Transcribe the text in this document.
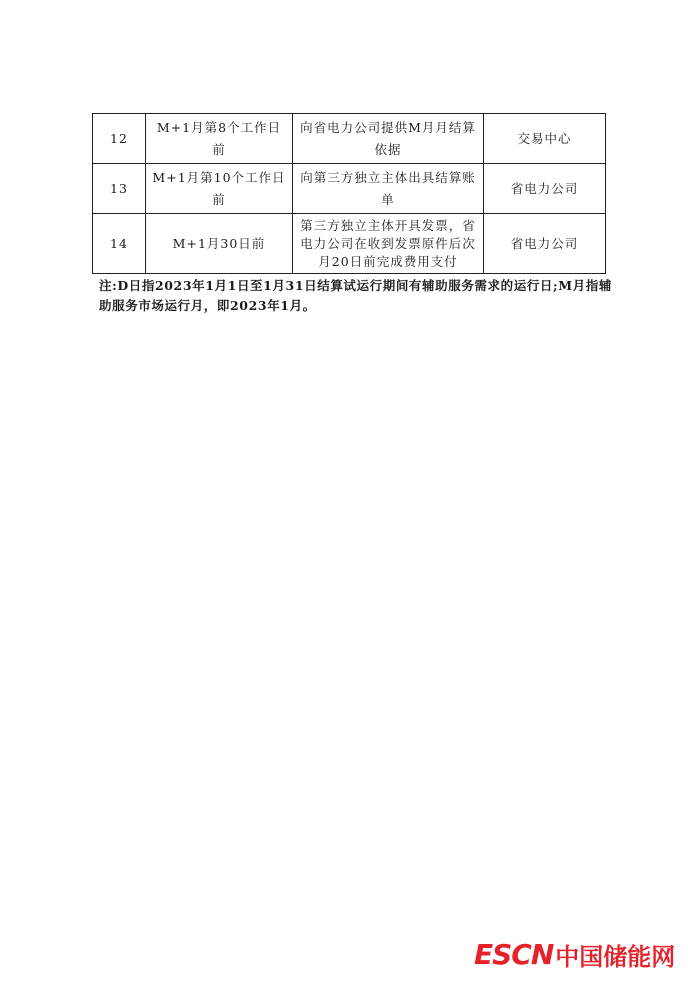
12	M+1月第8个工作日前	向省电力公司提供M月月结算依据	交易中心
13	M+1月第10个工作日前	向第三方独立主体出具结算账单	省电力公司
14	M+1月30日前	第三方独立主体开具发票，省电力公司在收到发票原件后次月20日前完成费用支付	省电力公司
注:D日指2023年1月1日至1月31日结算试运行期间有辅助服务需求的运行日;M月指辅助服务市场运行月，即2023年1月。
ESCN 中国储能网
